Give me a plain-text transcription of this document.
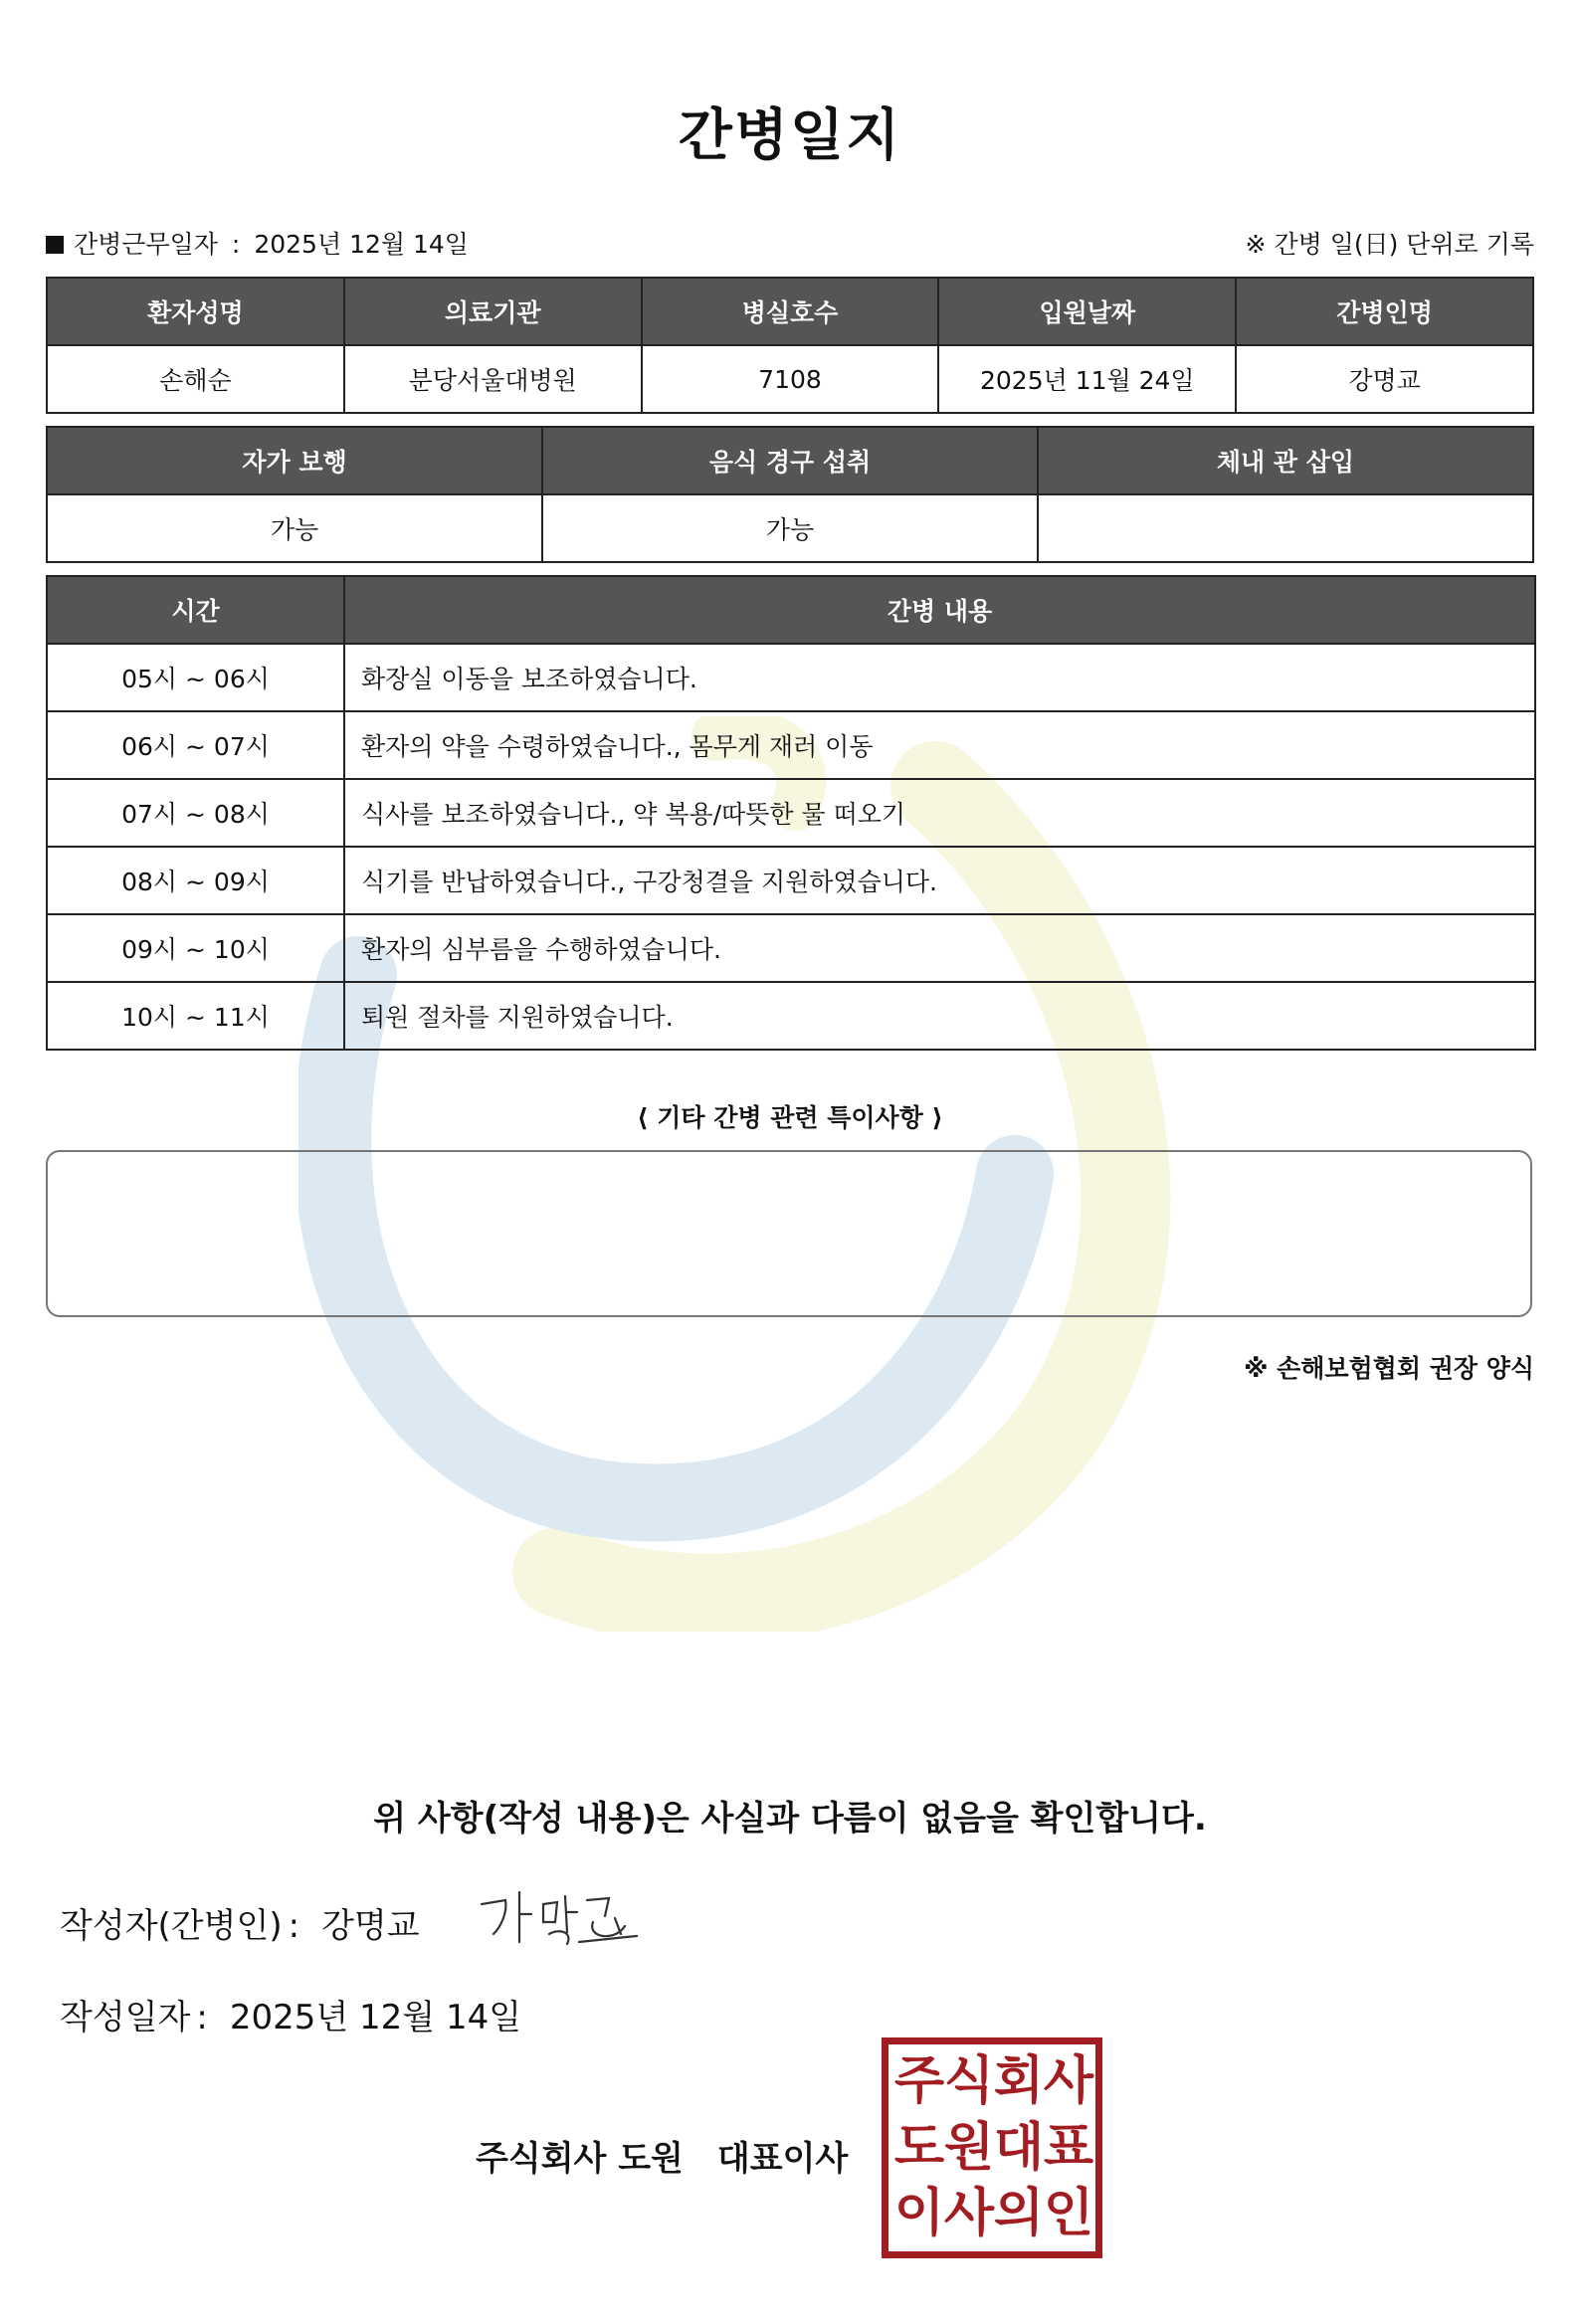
간병일지
간병근무일자 : 2025년 12월 14일	※ 간병 일(日) 단위로 기록
환자성명	의료기관	병실호수	입원날짜	간병인명
손해순	분당서울대병원	7108	2025년 11월 24일	강명교
자가 보행	음식 경구 섭취	체내 관 삽입
가능	가능	
시간	간병 내용
05시 ~ 06시	화장실 이동을 보조하였습니다.
06시 ~ 07시	환자의 약을 수령하였습니다., 몸무게 재러 이동
07시 ~ 08시	식사를 보조하였습니다., 약 복용/따뜻한 물 떠오기
08시 ~ 09시	식기를 반납하였습니다., 구강청결을 지원하였습니다.
09시 ~ 10시	환자의 심부름을 수행하였습니다.
10시 ~ 11시	퇴원 절차를 지원하였습니다.
⟨ 기타 간병 관련 특이사항 ⟩
※ 손해보험협회 권장 양식
위 사항(작성 내용)은 사실과 다름이 없음을 확인합니다.
작성자(간병인) : 강명교
작성일자 : 2025년 12월 14일
주식회사 도원 대표이사
주 식 회 사
도 원 대 표
이 사 의 인
